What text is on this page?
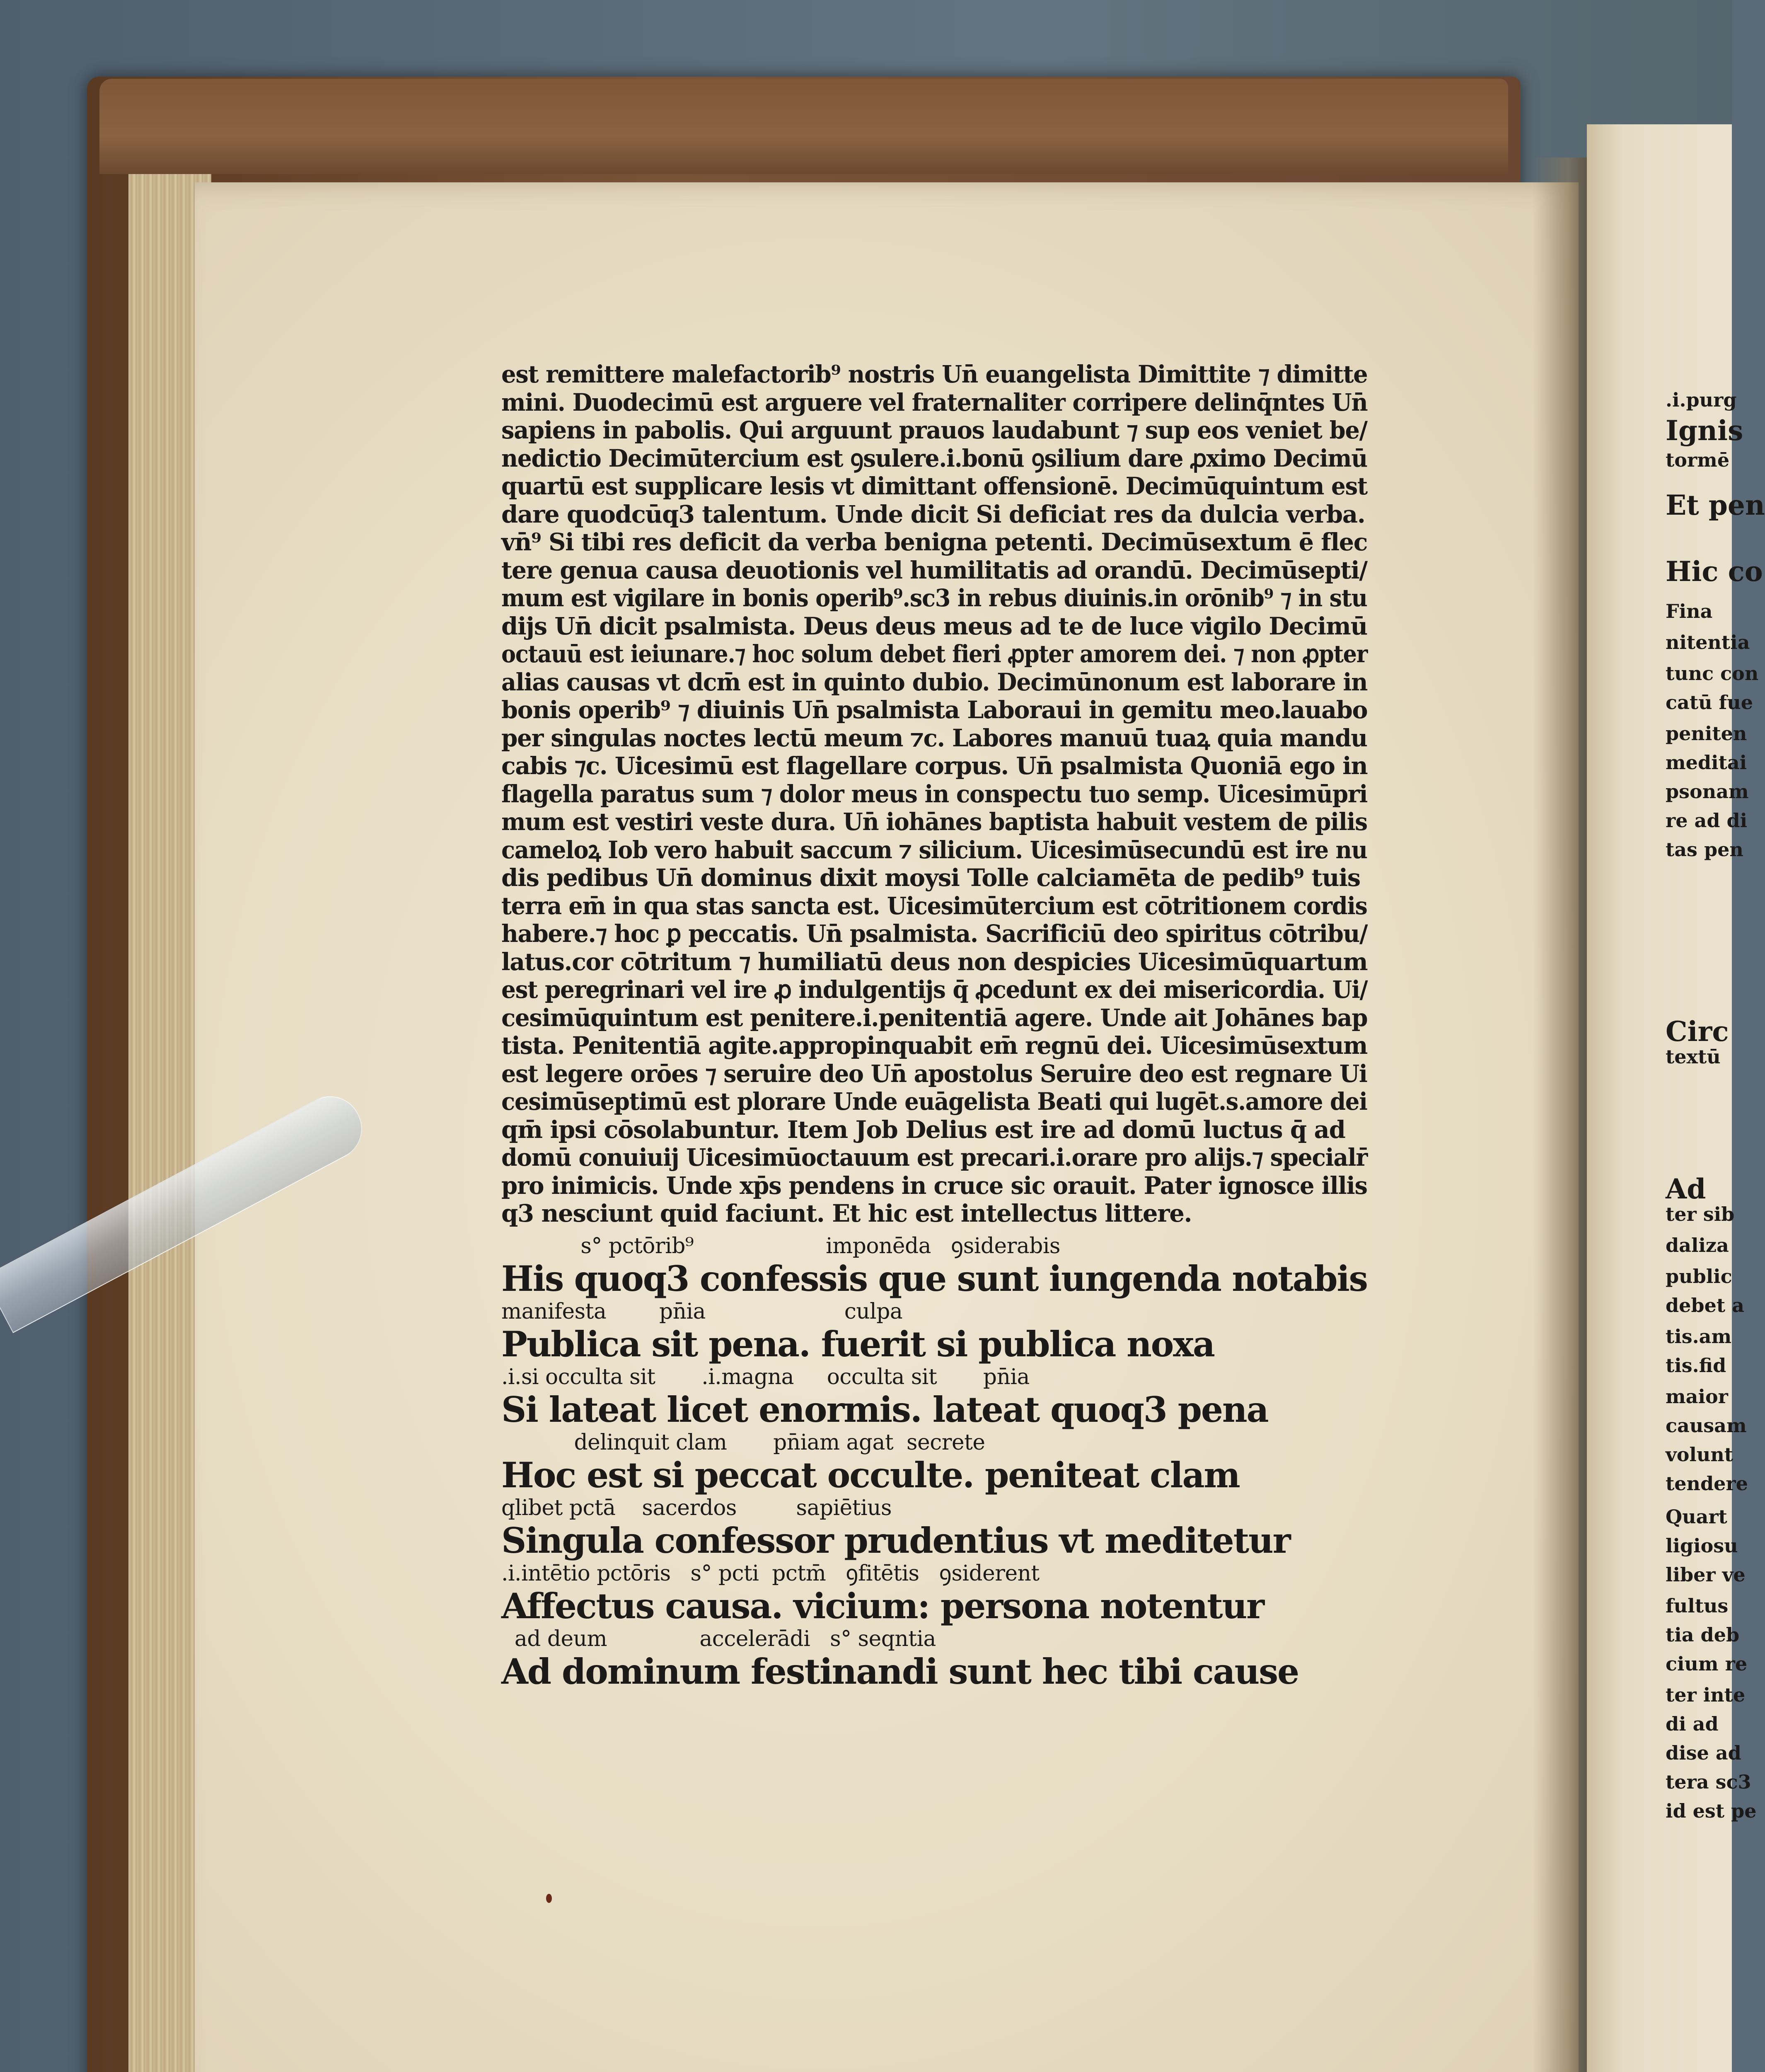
est remittere malefactorib⁹ nostris Un̄ euangelista Dimittite ⁊ dimitte
mini. Duodecimū est arguere vel fraternaliter corripere delinq̄ntes Un̄
sapiens in pabolis. Qui arguunt prauos laudabunt ⁊ sup eos veniet be/
nedictio Decimūtercium est ꝯsulere.i.bonū ꝯsilium dare ꝓximo Decimū
quartū est supplicare lesis vt dimittant offensionē. Decimūquintum est
dare quodcūq3 talentum. Unde dicit Si deficiat res da dulcia verba.
vn̄⁹ Si tibi res deficit da verba benigna petenti. Decimūsextum ē flec
tere genua causa deuotionis vel humilitatis ad orandū. Decimūsepti/
mum est vigilare in bonis operib⁹.sc3 in rebus diuinis.in orōnib⁹ ⁊ in stu
dijs Un̄ dicit psalmista. Deus deus meus ad te de luce vigilo Decimū
octauū est ieiunare.⁊ hoc solum debet fieri ꝓpter amorem dei. ⁊ non ꝓpter
alias causas vt dcm̄ est in quinto dubio. Decimūnonum est laborare in
bonis operib⁹ ⁊ diuinis Un̄ psalmista Laboraui in gemitu meo.lauabo
per singulas noctes lectū meum ⁊c. Labores manuū tuaꝝ quia mandu
cabis ⁊c. Uicesimū est flagellare corpus. Un̄ psalmista Quoniā ego in
flagella paratus sum ⁊ dolor meus in conspectu tuo semp. Uicesimūpri
mum est vestiri veste dura. Un̄ iohānes baptista habuit vestem de pilis
cameloꝝ Iob vero habuit saccum ⁊ silicium. Uicesimūsecundū est ire nu
dis pedibus Un̄ dominus dixit moysi Tolle calciamēta de pedib⁹ tuis
terra em̄ in qua stas sancta est. Uicesimūtercium est cōtritionem cordis
habere.⁊ hoc ꝑ peccatis. Un̄ psalmista. Sacrificiū deo spiritus cōtribu/
latus.cor cōtritum ⁊ humiliatū deus non despicies Uicesimūquartum
est peregrinari vel ire ꝓ indulgentijs q̄ ꝓcedunt ex dei misericordia. Ui/
cesimūquintum est penitere.i.penitentiā agere. Unde ait Johānes bap
tista. Penitentiā agite.appropinquabit em̄ regnū dei. Uicesimūsextum
est legere orōes ⁊ seruire deo Un̄ apostolus Seruire deo est regnare Ui
cesimūseptimū est plorare Unde euāgelista Beati qui lugēt.s.amore dei
qm̄ ipsi cōsolabuntur. Item Job Delius est ire ad domū luctus q̄ ad
domū conuiuij Uicesimūoctauum est precari.i.orare pro alijs.⁊ specialr̄
pro inimicis. Unde xp̄s pendens in cruce sic orauit. Pater ignosce illis
q3 nesciunt quid faciunt. Et hic est intellectus littere.
s° pctōrib⁹                    imponēda   ꝯsiderabis
His quoq3 confessis que sunt iungenda notabis
manifesta        pn̄ia                     culpa
Publica sit pena. fuerit si publica noxa
.i.si occulta sit       .i.magna     occulta sit       pn̄ia
Si lateat licet enormis. lateat quoq3 pena
delinquit clam       pn̄iam agat  secrete
Hoc est si peccat occulte. peniteat clam
qlibet pctā    sacerdos         sapiētius
Singula confessor prudentius vt meditetur
.i.intētio pctōris   s° pcti  pctm̄   ꝯfitētis   ꝯsiderent
Affectus causa. vicium: persona notentur
ad deum              accelerādi   s° seqntia
Ad dominum festinandi sunt hec tibi cause
.i.purg
Ignis
tormē
Et pen
Hic co
Fina
nitentia
tunc con
catū fue
peniten
meditai
psonam
re ad di
tas pen
Circ
textū
Ad
ter sib
daliza
public
debet a
tis.am
tis.fid
maior
causam
volunt
tendere
Quart
ligiosu
liber ve
fultus
tia deb
cium re
ter inte
di ad
dise ad
tera sc3
id est pe
